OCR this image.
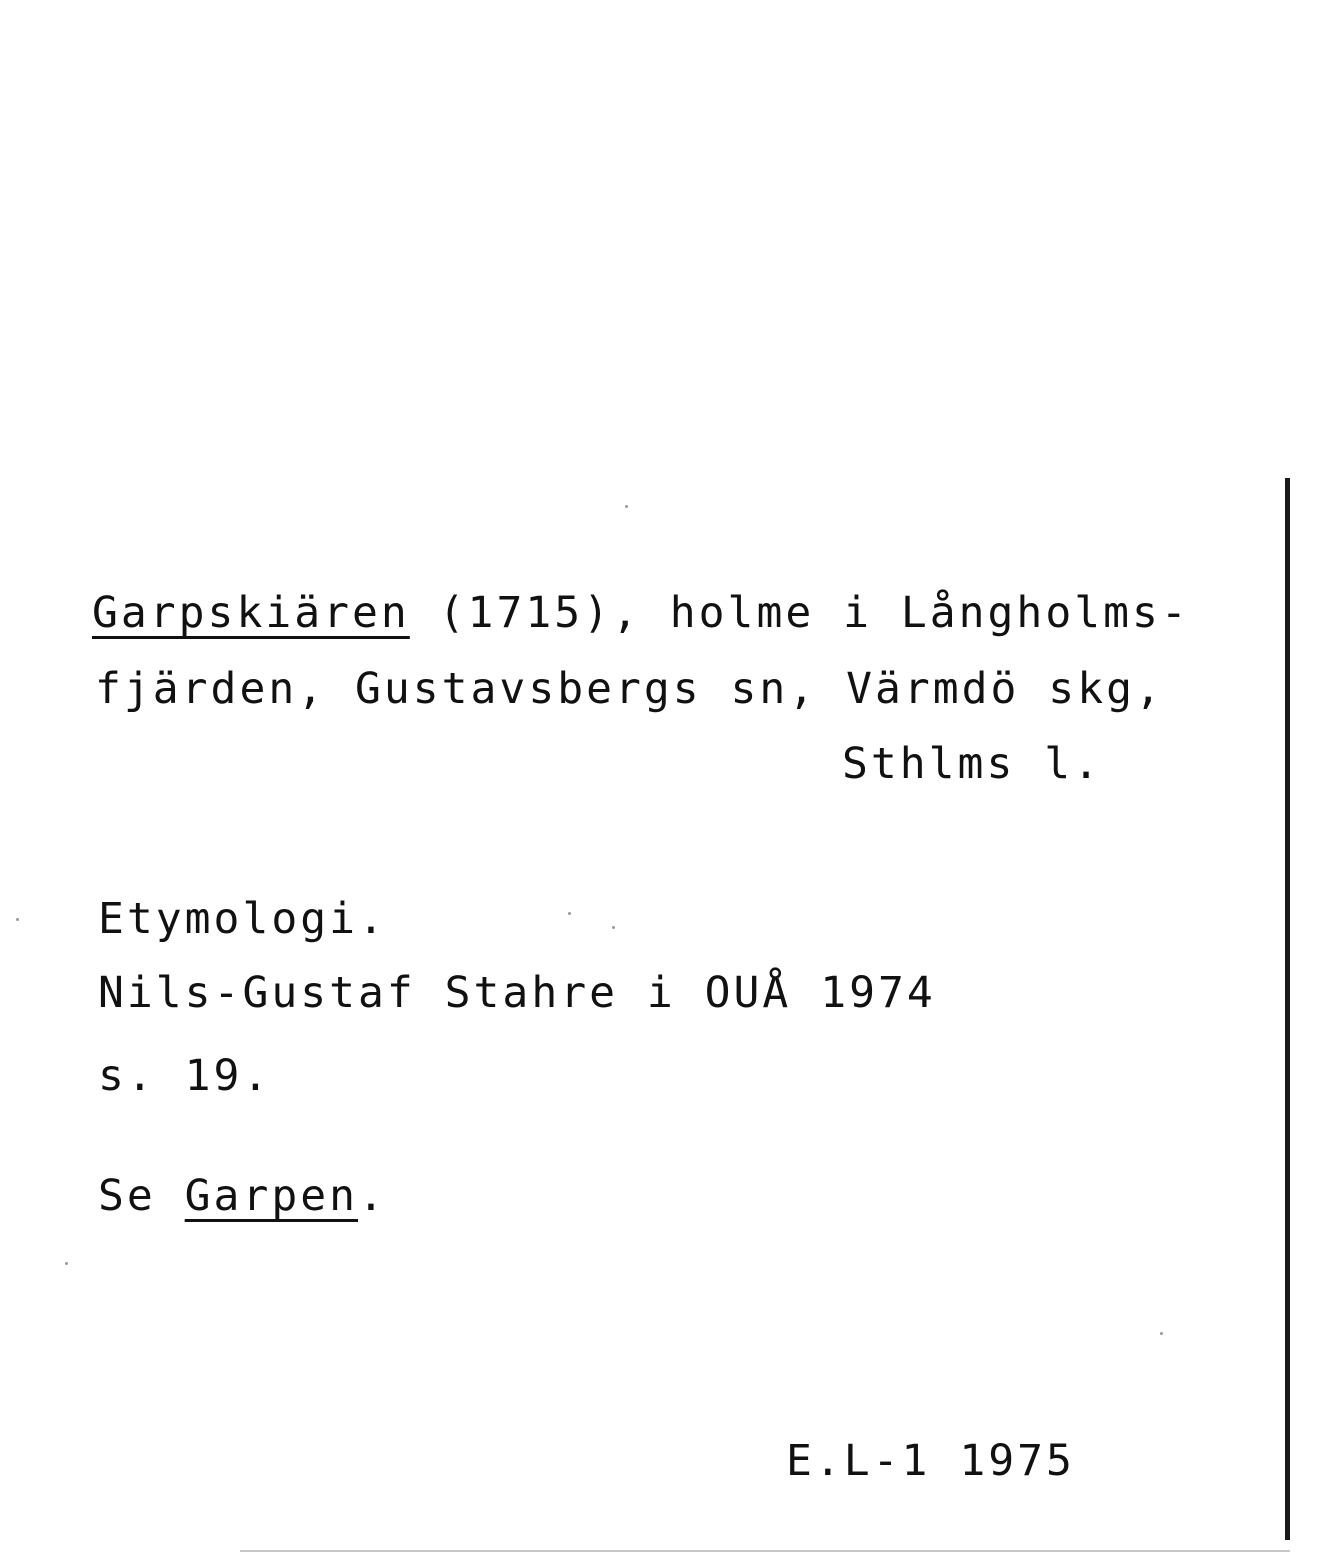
Garpskiären (1715), holme i Långholms-
fjärden, Gustavsbergs sn, Värmdö skg,
Sthlms l.
Etymologi.
Nils-Gustaf Stahre i OUÅ 1974
s. 19.
Se Garpen.
E.L-1 1975
